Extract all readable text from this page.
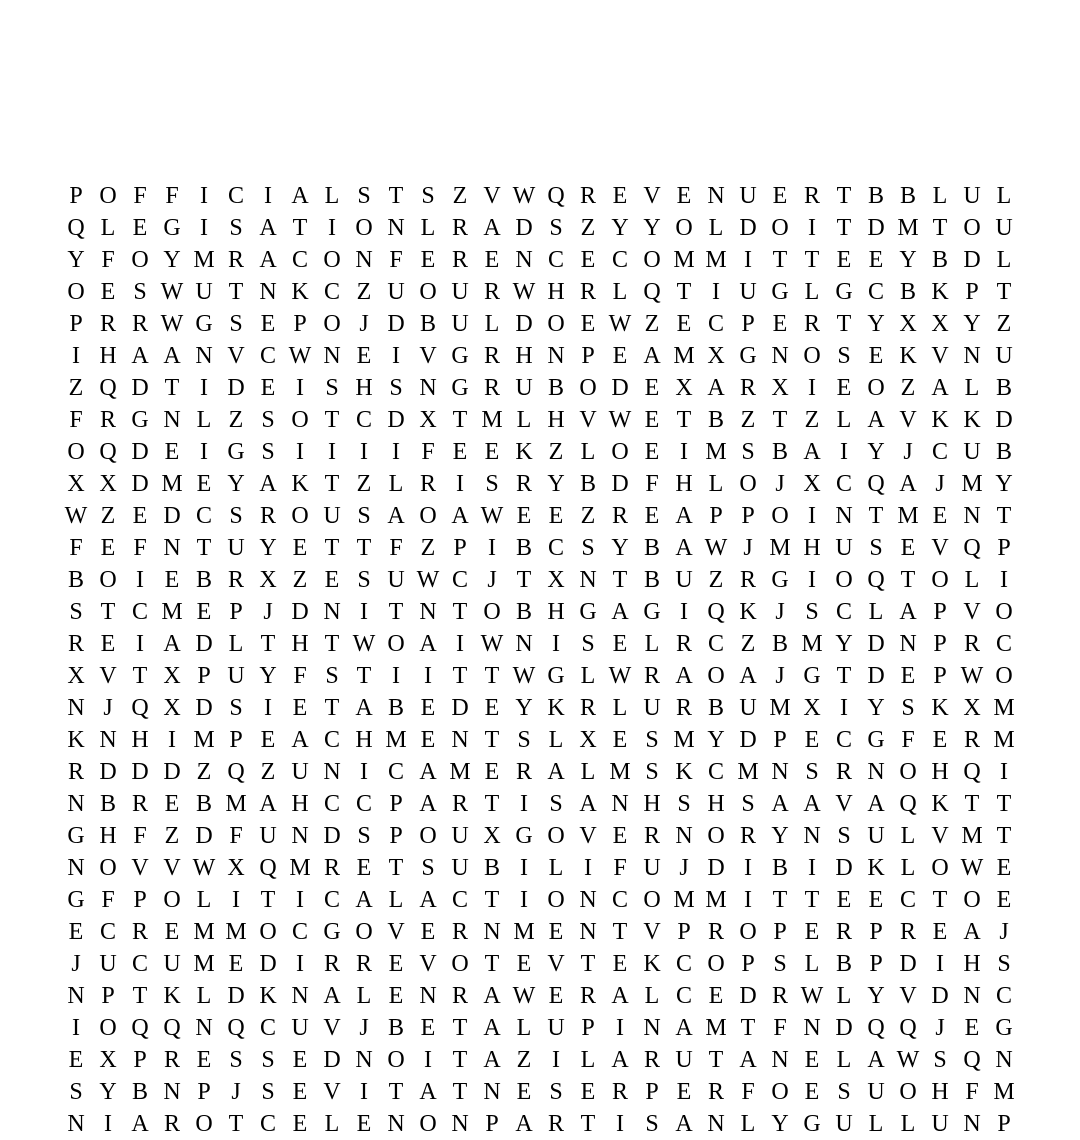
P O F F I C I A L S T S Z V W Q R E V E N U E R T B B L U L
Q L E G I S A T I O N L R A D S Z Y Y O L D O I T D M T O U
Y F O Y M R A C O N F E R E N C E C O M M I T T E E Y B D L
O E S W U T N K C Z U O U R W H R L Q T I U G L G C B K P T
P R R W G S E P O J D B U L D O E W Z E C P E R T Y X X Y Z
I H A A N V C W N E I V G R H N P E A M X G N O S E K V N U
Z Q D T I D E I S H S N G R U B O D E X A R X I E O Z A L B
F R G N L Z S O T C D X T M L H V W E T B Z T Z L A V K K D
O Q D E I G S I	I	I	I F E E K Z L O E I M S B A I Y J C U B
X X D M E Y A K T Z L R I S R Y B D F H L O J X C Q A J M Y
W Z E D C S R O U S A O A W E E Z R E A P P O I N T M E N T
F E F N T U Y E T T F Z P I B C S Y B A W J M H U S E V Q P
B O I E B R X Z E S U W C J T X N T B U Z R G I O Q T O L I
S T C M E P J D N I T N T O B H G A G I Q K J S C L A P V O
R E I A D L T H T W O A I W N I S E L R C Z B M Y D N P R C
X V T X P U Y F S T I	I T T W G L W R A O A J G T D E P W O
N J Q X D S I E T A B E D E Y K R L U R B U M X I Y S K X M
K N H I M P E A C H M E N T S L X E S M Y D P E C G F E R M
R D D D Z Q Z U N I C A M E R A L M S K C M N S R N O H Q I
N B R E B M A H C C P A R T I S A N H S H S A A V A Q K T T
G H F Z D F U N D S P O U X G O V E R N O R Y N S U L V M T
N O V V W X Q M R E T S U B I L I F U J D I B I D K L O W E
G F P O L I T I C A L A C T I O N C O M M I T T E E C T O E
E C R E M M O C G O V E R N M E N T V P R O P E R P R E A J
J U C U M E D I R R E V O T E V T E K C O P S L B P D I H S
N P T K L D K N A L E N R A W E R A L C E D R W L Y V D N C
I O Q Q N Q C U V J B E T A L U P I N A M T F N D Q Q J E G
E X P R E S S E D N O I T A Z I L A R U T A N E L A W S Q N
S Y B N P J S E V I T A T N E S E R P E R F O E S U O H F M
N I A R O T C E L E N O N P A R T I S A N L Y G U L L U N P
